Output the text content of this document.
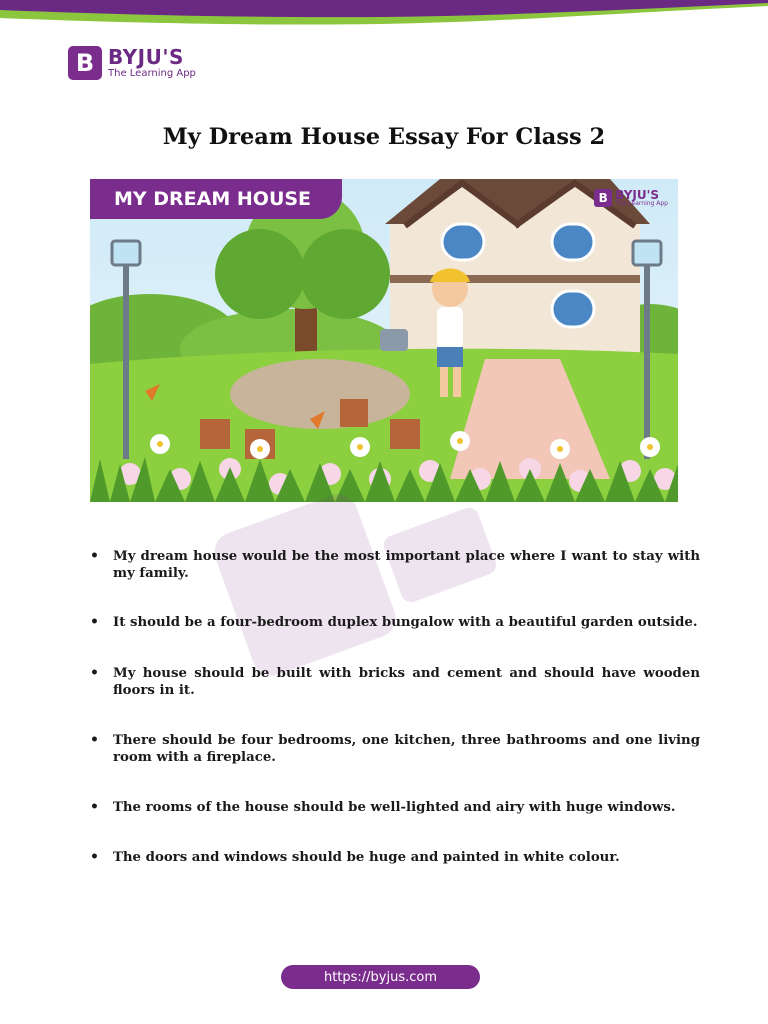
B BYJU'S
The Learning App
My Dream House Essay For Class 2
MY DREAM HOUSE	B BYJU'S
The Learning App
•	My dream house would be the most important place where I want to stay with my family.
•	It should be a four-bedroom duplex bungalow with a beautiful garden outside.
•	My house should be built with bricks and cement and should have wooden floors in it.
•	There should be four bedrooms, one kitchen, three bathrooms and one living room with a fireplace.
•	The rooms of the house should be well-lighted and airy with huge windows.
•	The doors and windows should be huge and painted in white colour.
https://byjus.com
